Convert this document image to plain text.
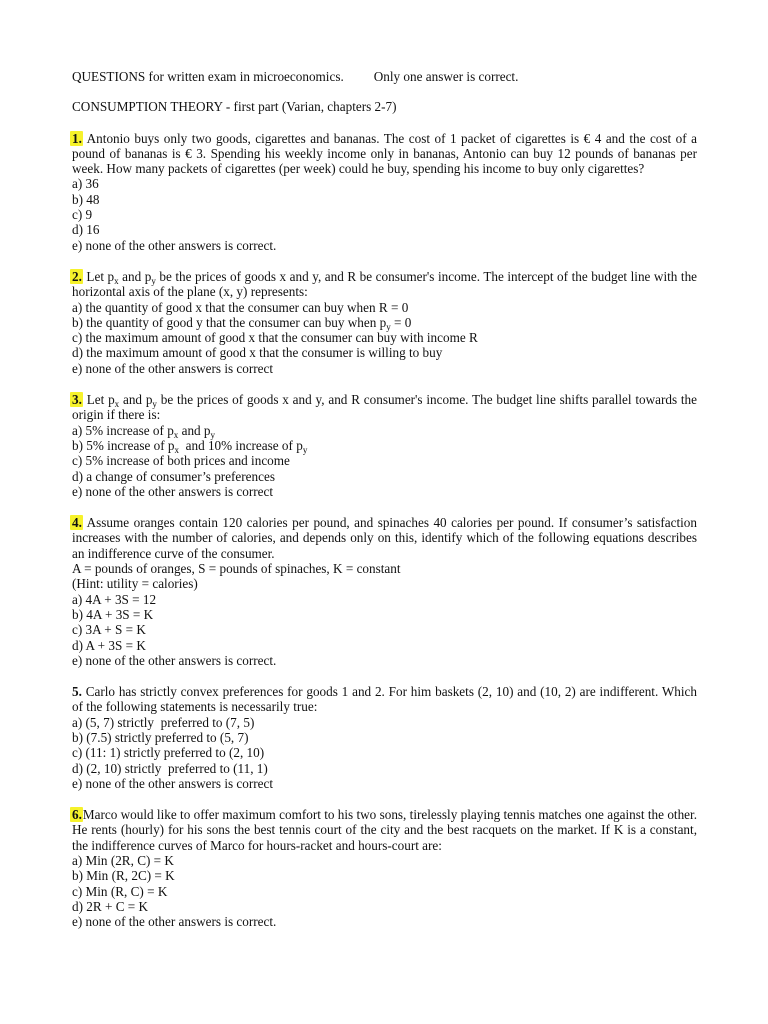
QUESTIONS for written exam in microeconomics. Only one answer is correct.

CONSUMPTION THEORY - first part (Varian, chapters 2-7)

1. Antonio buys only two goods, cigarettes and bananas. The cost of 1 packet of cigarettes is € 4 and the cost of a pound of bananas is € 3. Spending his weekly income only in bananas, Antonio can buy 12 pounds of bananas per week. How many packets of cigarettes (per week) could he buy, spending his income to buy only cigarettes?

a) 36
b) 48
c) 9
d) 16
e) none of the other answers is correct.

2. Let $p_x$ and $p_y$ be the prices of goods x and y, and R be consumer's income. The intercept of the budget line with the horizontal axis of the plane (x, y) represents:

a) the quantity of good x that the consumer can buy when R = 0
b) the quantity of good y that the consumer can buy when $p_y = 0$
c) the maximum amount of good x that the consumer can buy with income R
d) the maximum amount of good x that the consumer is willing to buy
e) none of the other answers is correct

3. Let $p_x$ and $p_y$ be the prices of goods x and y, and R consumer's income. The budget line shifts parallel towards the origin if there is:

a) 5% increase of $p_x$ and $p_y$
b) 5% increase of $p_x$  and 10% increase of $p_y$
c) 5% increase of both prices and income
d) a change of consumer’s preferences
e) none of the other answers is correct

4. Assume oranges contain 120 calories per pound, and spinaches 40 calories per pound. If consumer’s satisfaction increases with the number of calories, and depends only on this, identify which of the following equations describes an indifference curve of the consumer.

A = pounds of oranges, S = pounds of spinaches, K = constant
(Hint: utility = calories)
a) 4A + 3S = 12
b) 4A + 3S = K
c) 3A + S = K
d) A + 3S = K
e) none of the other answers is correct.

5. Carlo has strictly convex preferences for goods 1 and 2. For him baskets (2, 10) and (10, 2) are indifferent. Which of the following statements is necessarily true:

a) (5, 7) strictly  preferred to (7, 5)
b) (7.5) strictly preferred to (5, 7)
c) (11: 1) strictly preferred to (2, 10)
d) (2, 10) strictly  preferred to (11, 1)
e) none of the other answers is correct

6.Marco would like to offer maximum comfort to his two sons, tirelessly playing tennis matches one against the other. He rents (hourly) for his sons the best tennis court of the city and the best racquets on the market. If K is a constant, the indifference curves of Marco for hours-racket and hours-court are:

a) Min (2R, C) = K
b) Min (R, 2C) = K
c) Min (R, C) = K
d) 2R + C = K
e) none of the other answers is correct.
